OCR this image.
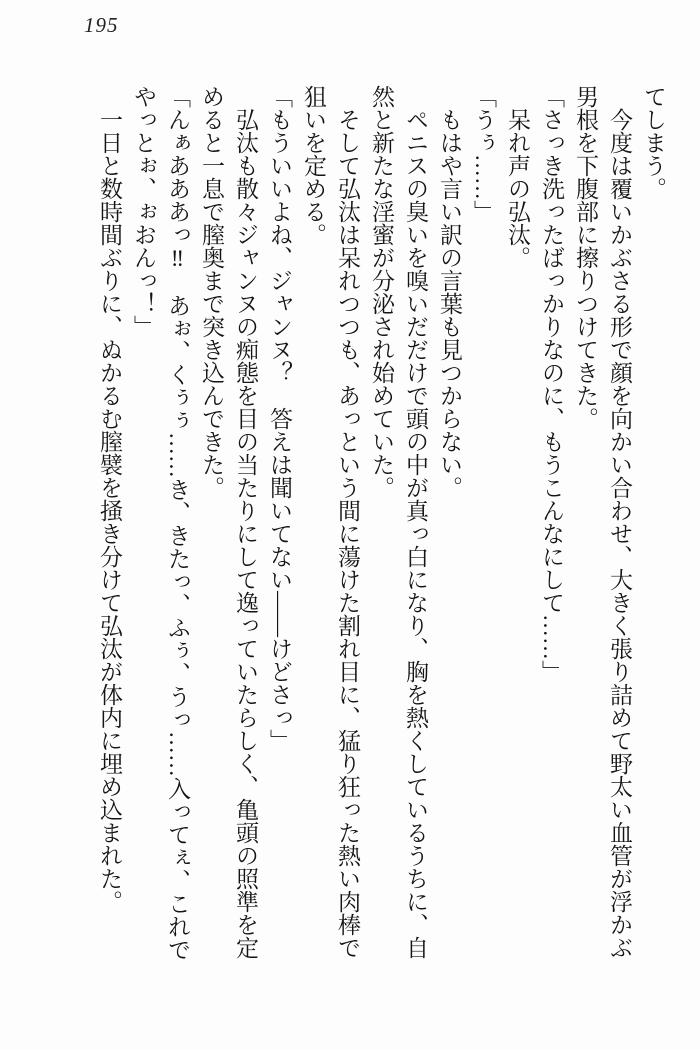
195

てしまう。

　今度は覆いかぶさる形で顔を向かい合わせ、大きく張り詰めて野太い血管が浮かぶ

男根を下腹部に擦りつけてきた。

「さっき洗ったばっかりなのに、もうこんなにして……」

　呆れ声の弘汰。

「うぅ……」

　もはや言い訳の言葉も見つからない。

　ペニスの臭いを嗅いだだけで頭の中が真っ白になり、胸を熱くしているうちに、自

然と新たな淫蜜が分泌され始めていた。

　そして弘汰は呆れつつも、あっという間に蕩けた割れ目に、猛り狂った熱い肉棒で

狙いを定める。

「もういいよね、ジャンヌ？　答えは聞いてない——けどさっ」

　弘汰も散々ジャンヌの痴態を目の当たりにして逸っていたらしく、亀頭の照準を定

めると一息で膣奥まで突き込んできた。

「んぁあああっ‼　あぉ、くぅぅ……き、きたっ、ふぅ、うっ……入ってぇ、これで

やっとぉ、ぉおんっ！」

　一日と数時間ぶりに、ぬかるむ膣襞を掻き分けて弘汰が体内に埋め込まれた。
